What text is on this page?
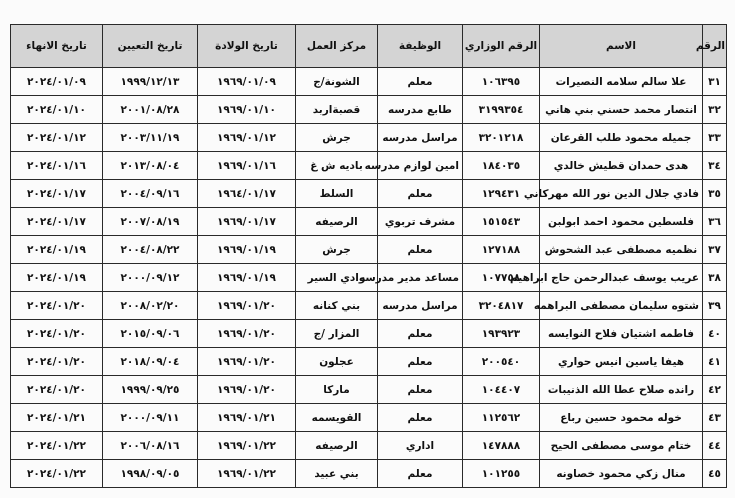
الرقم	الاسم	الرقم الوزاري	الوظيفة	مركز العمل	تاريخ الولادة	تاريخ التعيين	تاريخ الانهاء
٣١	علا سالم سلامه النصيرات	١٠٦٣٩٥	معلم	الشونة/ج	١٩٦٩/٠١/٠٩	١٩٩٩/١٢/١٣	٢٠٢٤/٠١/٠٩
٣٢	انتصار محمد حسني بني هاني	٣١٩٩٣٥٤	طابع مدرسه	قصبةاربد	١٩٦٩/٠١/١٠	٢٠٠١/٠٨/٢٨	٢٠٢٤/٠١/١٠
٣٣	جميله محمود طلب القرعان	٣٢٠١٢١٨	مراسل مدرسه	جرش	١٩٦٩/٠١/١٢	٢٠٠٣/١١/١٩	٢٠٢٤/٠١/١٢
٣٤	هدى حمدان قطيش خالدي	١٨٤٠٣٥	امين لوازم مدرسه	باديه ش غ	١٩٦٩/٠١/١٦	٢٠١٣/٠٨/٠٤	٢٠٢٤/٠١/١٦
٣٥	فادي جلال الدين نور الله مهركاني	١٢٩٤٣١	معلم	السلط	١٩٦٤/٠١/١٧	٢٠٠٤/٠٩/١٦	٢٠٢٤/٠١/١٧
٣٦	فلسطين محمود احمد ابولبن	١٥١٥٤٣	مشرف تربوي	الرصيفه	١٩٦٩/٠١/١٧	٢٠٠٧/٠٨/١٩	٢٠٢٤/٠١/١٧
٣٧	نظميه مصطفى عبد الشحوش	١٢٧١٨٨	معلم	جرش	١٩٦٩/٠١/١٩	٢٠٠٤/٠٨/٢٢	٢٠٢٤/٠١/١٩
٣٨	عريب يوسف عبدالرحمن حاج ابراهيم	١٠٧٧٥٨	مساعد مدير مدرسه	وادي السير	١٩٦٩/٠١/١٩	٢٠٠٠/٠٩/١٢	٢٠٢٤/٠١/١٩
٣٩	شتوه سليمان مصطفى البراهمه	٣٢٠٤٨١٧	مراسل مدرسه	بني كنانه	١٩٦٩/٠١/٢٠	٢٠٠٨/٠٢/٢٠	٢٠٢٤/٠١/٢٠
٤٠	فاطمه اشتيان فلاح النوايسه	١٩٣٩٢٣	معلم	المزار /ج	١٩٦٩/٠١/٢٠	٢٠١٥/٠٩/٠٦	٢٠٢٤/٠١/٢٠
٤١	هيفا ياسين انيس حواري	٢٠٠٥٤٠	معلم	عجلون	١٩٦٩/٠١/٢٠	٢٠١٨/٠٩/٠٤	٢٠٢٤/٠١/٢٠
٤٢	رانده صلاح عطا الله الذنيبات	١٠٤٤٠٧	معلم	ماركا	١٩٦٩/٠١/٢٠	١٩٩٩/٠٩/٢٥	٢٠٢٤/٠١/٢٠
٤٣	خوله محمود حسين رباع	١١٢٥٦٢	معلم	القويسمه	١٩٦٩/٠١/٢١	٢٠٠٠/٠٩/١١	٢٠٢٤/٠١/٢١
٤٤	ختام موسى مصطفى الحيح	١٤٧٨٨٨	اداري	الرصيفه	١٩٦٩/٠١/٢٢	٢٠٠٦/٠٨/١٦	٢٠٢٤/٠١/٢٢
٤٥	منال زكي محمود خصاونه	١٠١٢٥٥	معلم	بني عبيد	١٩٦٩/٠١/٢٢	١٩٩٨/٠٩/٠٥	٢٠٢٤/٠١/٢٢
